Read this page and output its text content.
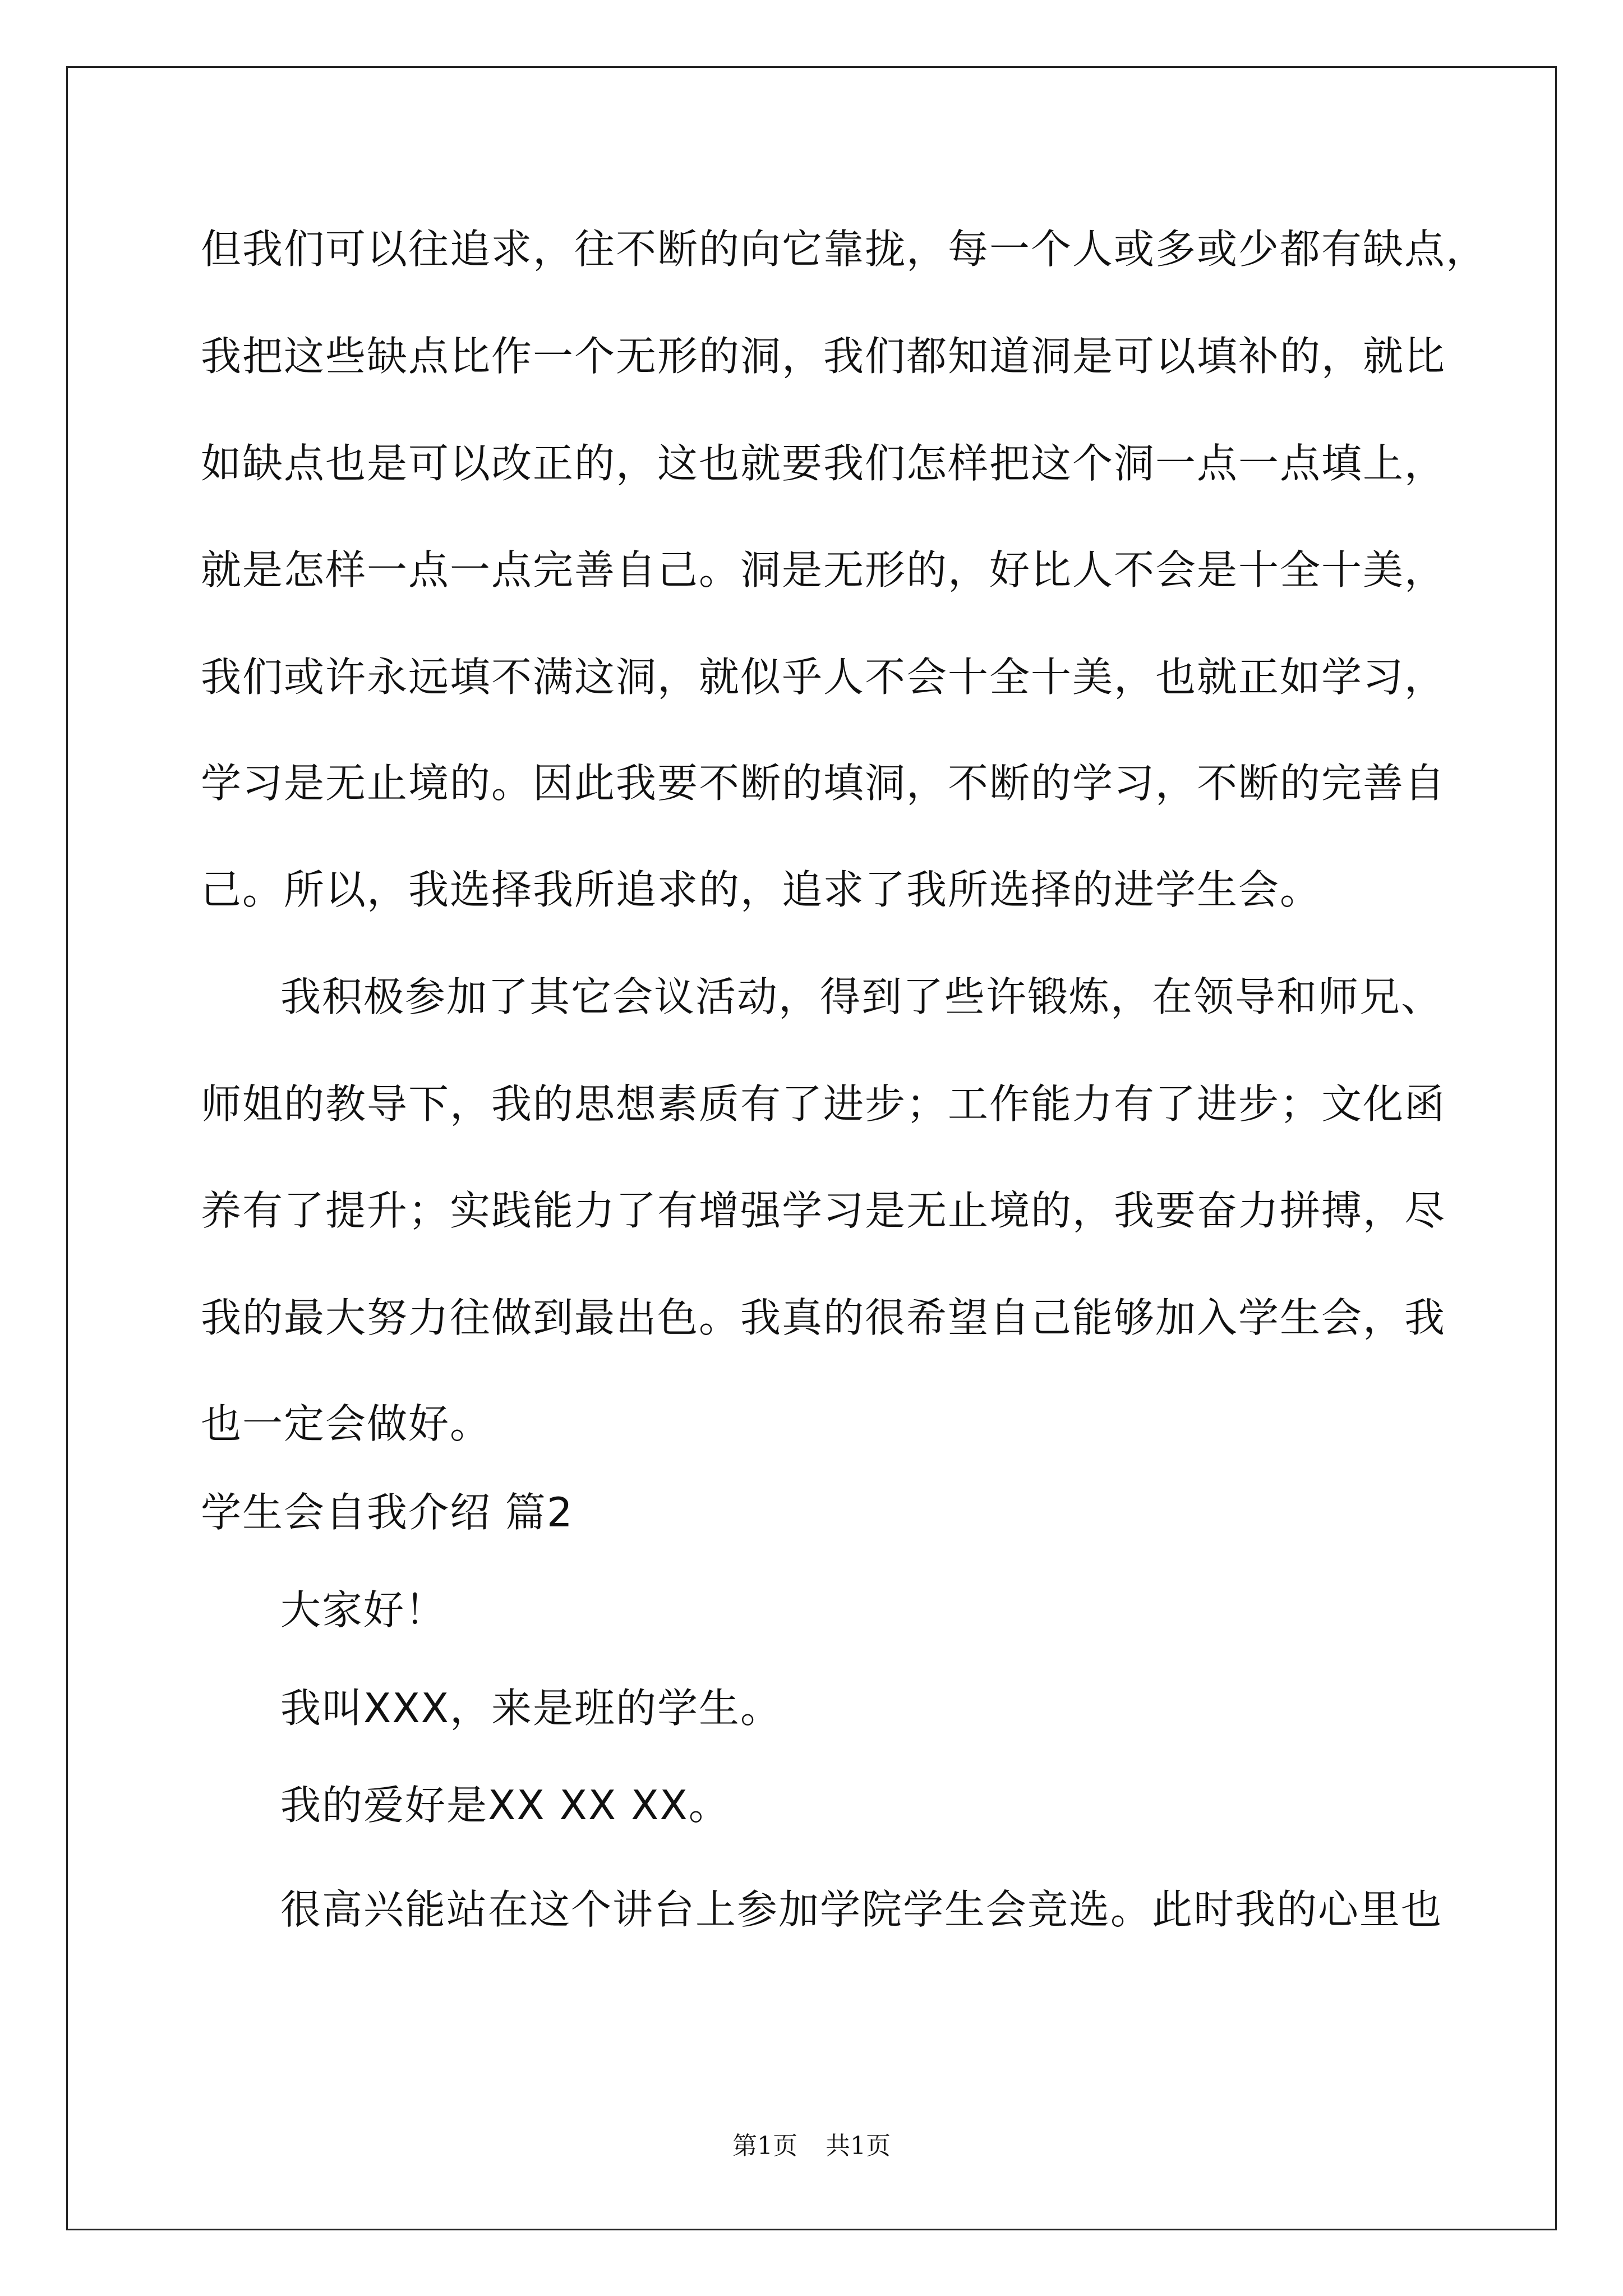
但我们可以往追求，往不断的向它靠拢，每一个人或多或少都有缺点，
我把这些缺点比作一个无形的洞，我们都知道洞是可以填补的，就比
如缺点也是可以改正的，这也就要我们怎样把这个洞一点一点填上，
就是怎样一点一点完善自己。洞是无形的，好比人不会是十全十美，
我们或许永远填不满这洞，就似乎人不会十全十美，也就正如学习，
学习是无止境的。因此我要不断的填洞，不断的学习，不断的完善自
己。所以，我选择我所追求的，追求了我所选择的进学生会。
我积极参加了其它会议活动，得到了些许锻炼，在领导和师兄、
师姐的教导下，我的思想素质有了进步；工作能力有了进步；文化函
养有了提升；实践能力了有增强学习是无止境的，我要奋力拼搏，尽
我的最大努力往做到最出色。我真的很希望自己能够加入学生会，我
也一定会做好。
学生会自我介绍 篇2
大家好！
我叫XXX，来是班的学生。
我的爱好是XX XX XX。
很高兴能站在这个讲台上参加学院学生会竞选。此时我的心里也
第1页 共1页
